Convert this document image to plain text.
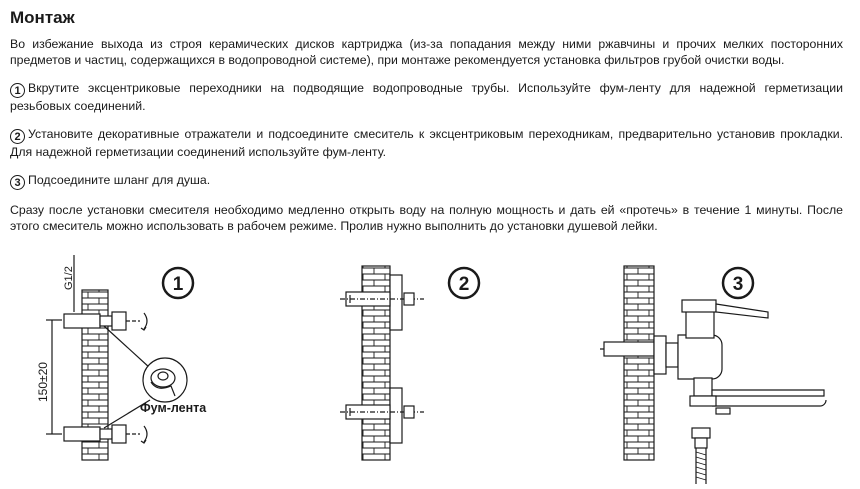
Монтаж

Во избежание выхода из строя керамических дисков картриджа (из-за попадания между ними ржавчины и прочих мелких посторонних предметов и частиц, содержащихся в водопроводной системе), при монтаже рекомендуется установка фильтров грубой очистки воды.

1 Вкрутите эксцентриковые переходники на подводящие водопроводные трубы. Используйте фум-ленту для надежной герметизации резьбовых соединений.

2 Установите декоративные отражатели и подсоедините смеситель к эксцентриковым переходникам, предварительно установив прокладки. Для надежной герметизации соединений используйте фум-ленту.

3 Подсоедините шланг для душа.

Сразу после установки смесителя необходимо медленно открыть воду на полную мощность и дать ей «протечь» в течение 1 минуты. После этого смеситель можно использовать в рабочем режиме. Пролив нужно выполнить до установки душевой лейки.

G1/2
150±20
Фум-лента
1	2	3
